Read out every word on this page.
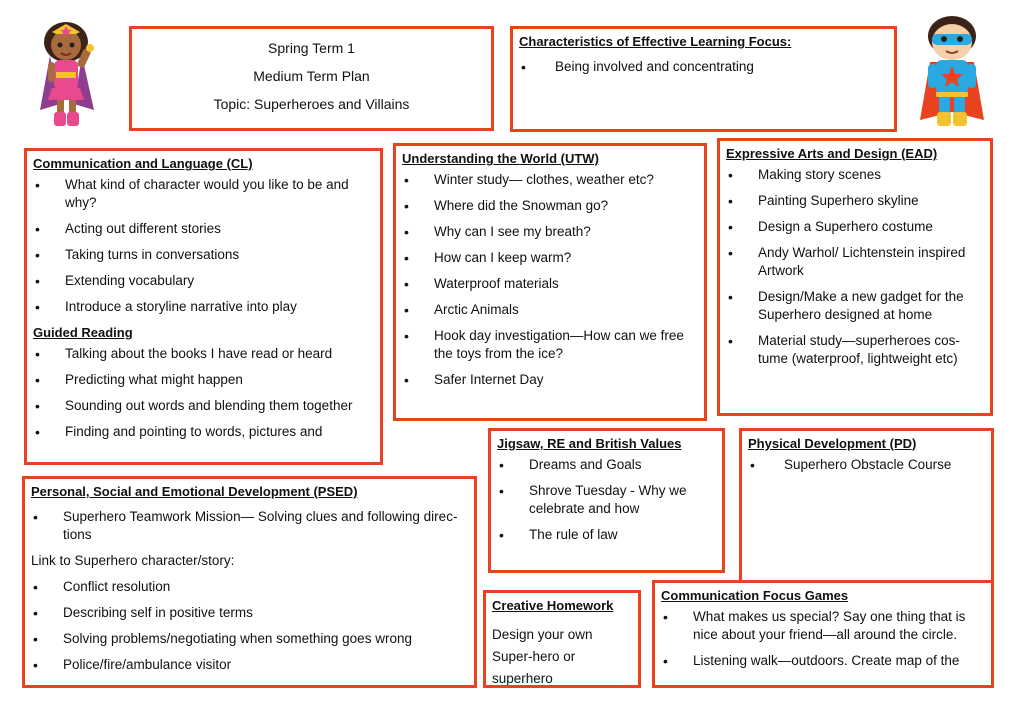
Spring Term 1
Medium Term Plan
Topic: Superheroes and Villains

Characteristics of Effective Learning Focus:

• Being involved and concentrating

Communication and Language (CL)

• What kind of character would you like to be and why?
• Acting out different stories
• Taking turns in conversations
• Extending vocabulary
• Introduce a storyline narrative into play

Guided Reading

• Talking about the books I have read or heard
• Predicting what might happen
• Sounding out words and blending them together
• Finding and pointing to words, pictures and

Understanding the World (UTW)

• Winter study— clothes, weather etc?
• Where did the Snowman go?
• Why can I see my breath?
• How can I keep warm?
• Waterproof materials
• Arctic Animals
• Hook day investigation—How can we free the toys from the ice?
• Safer Internet Day

Expressive Arts and Design (EAD)

• Making story scenes
• Painting Superhero skyline
• Design a Superhero costume
• Andy Warhol/ Lichtenstein inspired Artwork
• Design/Make a new gadget for the Superhero designed at home
• Material study—superheroes cos-tume (waterproof, lightweight etc)

Jigsaw, RE and British Values

• Dreams and Goals
• Shrove Tuesday - Why we celebrate and how
• The rule of law

Physical Development (PD)

• Superhero Obstacle Course

Personal, Social and Emotional Development (PSED)

• Superhero Teamwork Mission— Solving clues and following direc-tions

Link to Superhero character/story:

• Conflict resolution
• Describing self in positive terms
• Solving problems/negotiating when something goes wrong
• Police/fire/ambulance visitor

Creative Homework

Design your own Super-hero or superhero

Communication Focus Games

• What makes us special? Say one thing that is nice about your friend—all around the circle.
• Listening walk—outdoors. Create map of the
